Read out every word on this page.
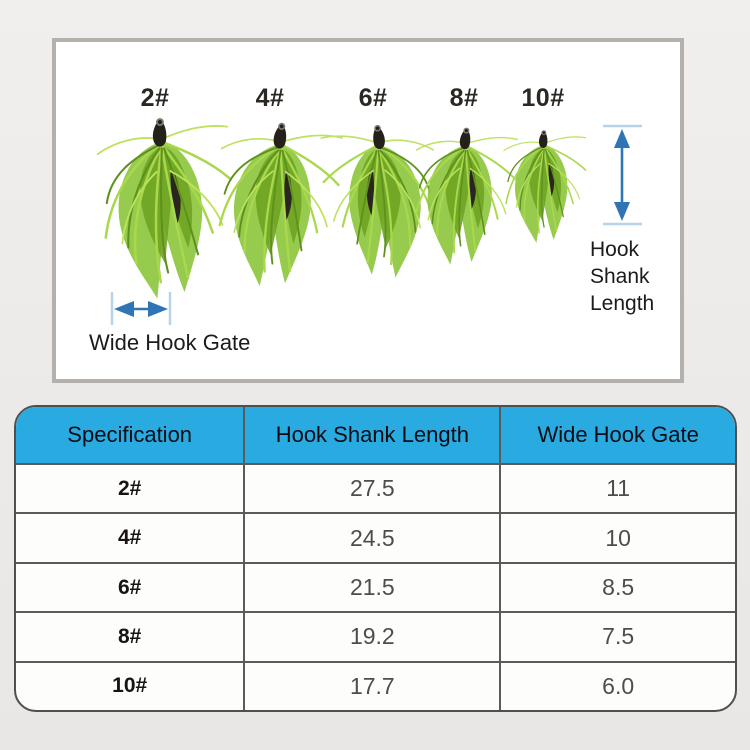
2#	4#	6#	8#	10#
Hook Shank Length
Wide Hook Gate
Specification	Hook Shank Length	Wide Hook Gate
2#	27.5	11
4#	24.5	10
6#	21.5	8.5
8#	19.2	7.5
10#	17.7	6.0
